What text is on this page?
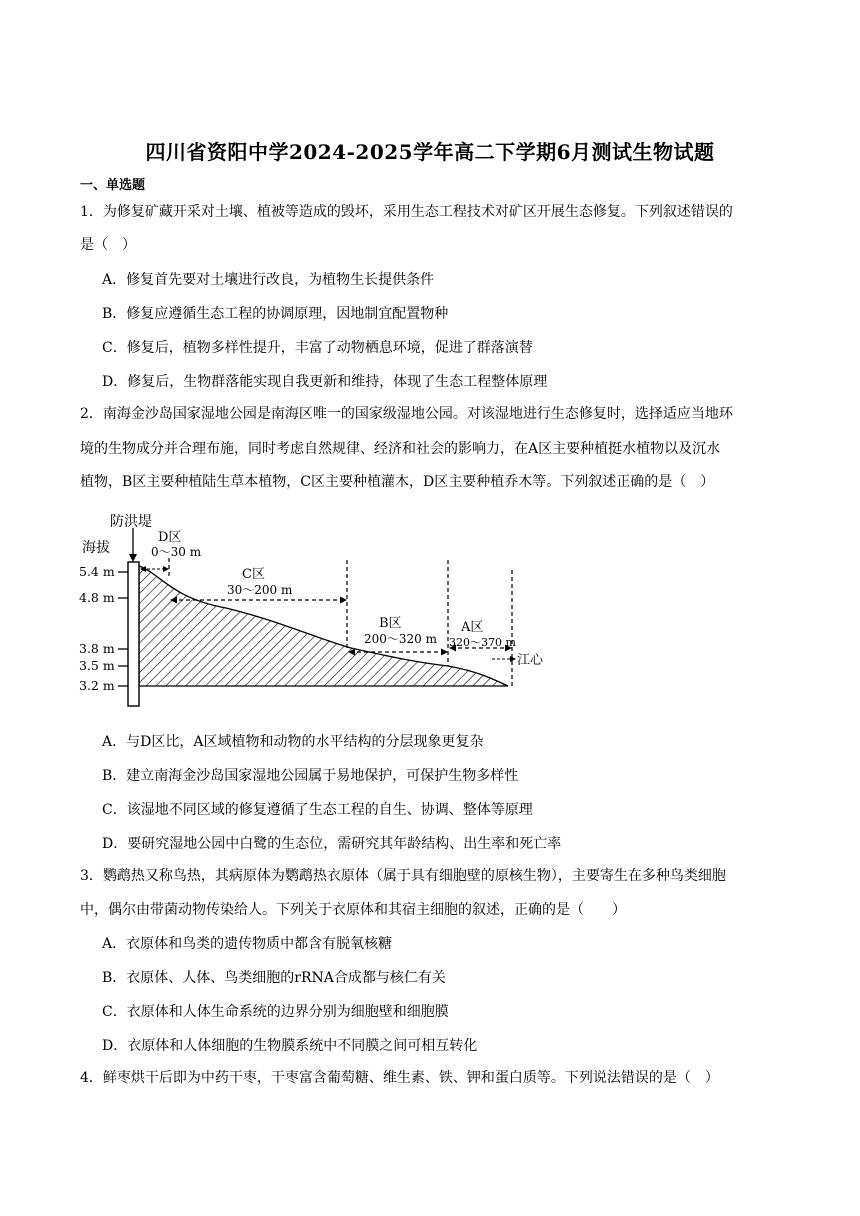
四川省资阳中学2024-2025学年高二下学期6月测试生物试题
一、单选题
1．为修复矿藏开采对土壤、植被等造成的毁坏，采用生态工程技术对矿区开展生态修复。下列叙述错误的
是（　）
A．修复首先要对土壤进行改良，为植物生长提供条件
B．修复应遵循生态工程的协调原理，因地制宜配置物种
C．修复后，植物多样性提升，丰富了动物栖息环境，促进了群落演替
D．修复后，生物群落能实现自我更新和维持，体现了生态工程整体原理
2．南海金沙岛国家湿地公园是南海区唯一的国家级湿地公园。对该湿地进行生态修复时，选择适应当地环
境的生物成分并合理布施，同时考虑自然规律、经济和社会的影响力，在A区主要种植挺水植物以及沉水
植物，B区主要种植陆生草本植物，C区主要种植灌木，D区主要种植乔木等。下列叙述正确的是（　）
海拔
5.4 m
4.8 m
3.8 m
3.5 m
3.2 m
防洪堤
D区
0～30 m
C区
30～200 m
B区
200～320 m
A区
320～370 m
江心
A．与D区比，A区域植物和动物的水平结构的分层现象更复杂
B．建立南海金沙岛国家湿地公园属于易地保护，可保护生物多样性
C．该湿地不同区域的修复遵循了生态工程的自生、协调、整体等原理
D．要研究湿地公园中白鹭的生态位，需研究其年龄结构、出生率和死亡率
3．鹦鹉热又称鸟热，其病原体为鹦鹉热衣原体（属于具有细胞壁的原核生物），主要寄生在多种鸟类细胞
中，偶尔由带菌动物传染给人。下列关于衣原体和其宿主细胞的叙述，正确的是（　　）
A．衣原体和鸟类的遗传物质中都含有脱氧核糖
B．衣原体、人体、鸟类细胞的rRNA合成都与核仁有关
C．衣原体和人体生命系统的边界分别为细胞壁和细胞膜
D．衣原体和人体细胞的生物膜系统中不同膜之间可相互转化
4．鲜枣烘干后即为中药干枣，干枣富含葡萄糖、维生素、铁、钾和蛋白质等。下列说法错误的是（　）
